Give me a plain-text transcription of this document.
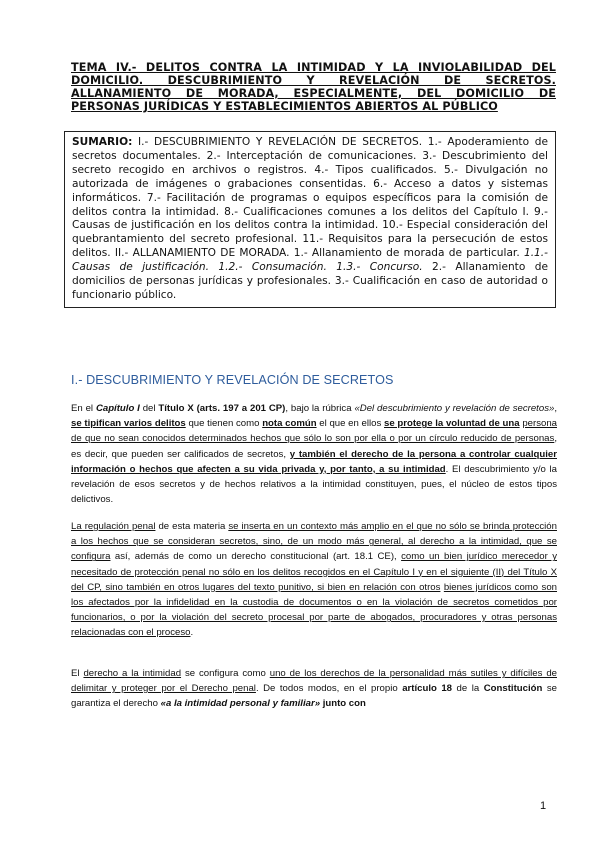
TEMA IV.- DELITOS CONTRA LA INTIMIDAD Y LA INVIOLABILIDAD DEL
DOMICILIO. DESCUBRIMIENTO Y REVELACIÓN DE SECRETOS.
ALLANAMIENTO DE MORADA, ESPECIALMENTE, DEL DOMICILIO DE
PERSONAS JURÍDICAS Y ESTABLECIMIENTOS ABIERTOS AL PÚBLICO
SUMARIO: I.- DESCUBRIMIENTO Y REVELACIÓN DE SECRETOS. 1.- Apoderamiento de secretos documentales. 2.- Interceptación de comunicaciones. 3.- Descubrimiento del secreto recogido en archivos o registros. 4.- Tipos cualificados. 5.- Divulgación no autorizada de imágenes o grabaciones consentidas. 6.- Acceso a datos y sistemas informáticos. 7.- Facilitación de programas o equipos específicos para la comisión de delitos contra la intimidad. 8.- Cualificaciones comunes a los delitos del Capítulo I. 9.- Causas de justificación en los delitos contra la intimidad. 10.- Especial consideración del quebrantamiento del secreto profesional. 11.- Requisitos para la persecución de estos delitos. II.- ALLANAMIENTO DE MORADA. 1.- Allanamiento de morada de particular. 1.1.- Causas de justificación. 1.2.- Consumación. 1.3.- Concurso. 2.- Allanamiento de domicilios de personas jurídicas y profesionales. 3.- Cualificación en caso de autoridad o funcionario público.
I.- DESCUBRIMIENTO Y REVELACIÓN DE SECRETOS
En el Capítulo I del Título X (arts. 197 a 201 CP), bajo la rúbrica «Del descubrimiento y revelación de secretos», se tipifican varios delitos que tienen como nota común el que en ellos se protege la voluntad de una persona de que no sean conocidos determinados hechos que sólo lo son por ella o por un círculo reducido de personas, es decir, que pueden ser calificados de secretos, y también el derecho de la persona a controlar cualquier información o hechos que afecten a su vida privada y, por tanto, a su intimidad. El descubrimiento y/o la revelación de esos secretos y de hechos relativos a la intimidad constituyen, pues, el núcleo de estos tipos delictivos.
La regulación penal de esta materia se inserta en un contexto más amplio en el que no sólo se brinda protección a los hechos que se consideran secretos, sino, de un modo más general, al derecho a la intimidad, que se configura así, además de como un derecho constitucional (art. 18.1 CE), como un bien jurídico merecedor y necesitado de protección penal no sólo en los delitos recogidos en el Capítulo I y en el siguiente (II) del Título X del CP, sino también en otros lugares del texto punitivo, si bien en relación con otros bienes jurídicos como son los afectados por la infidelidad en la custodia de documentos o en la violación de secretos cometidos por funcionarios, o por la violación del secreto procesal por parte de abogados, procuradores y otras personas relacionadas con el proceso.
El derecho a la intimidad se configura como uno de los derechos de la personalidad más sutiles y difíciles de delimitar y proteger por el Derecho penal. De todos modos, en el propio artículo 18 de la Constitución se garantiza el derecho «a la intimidad personal y familiar» junto con
1
